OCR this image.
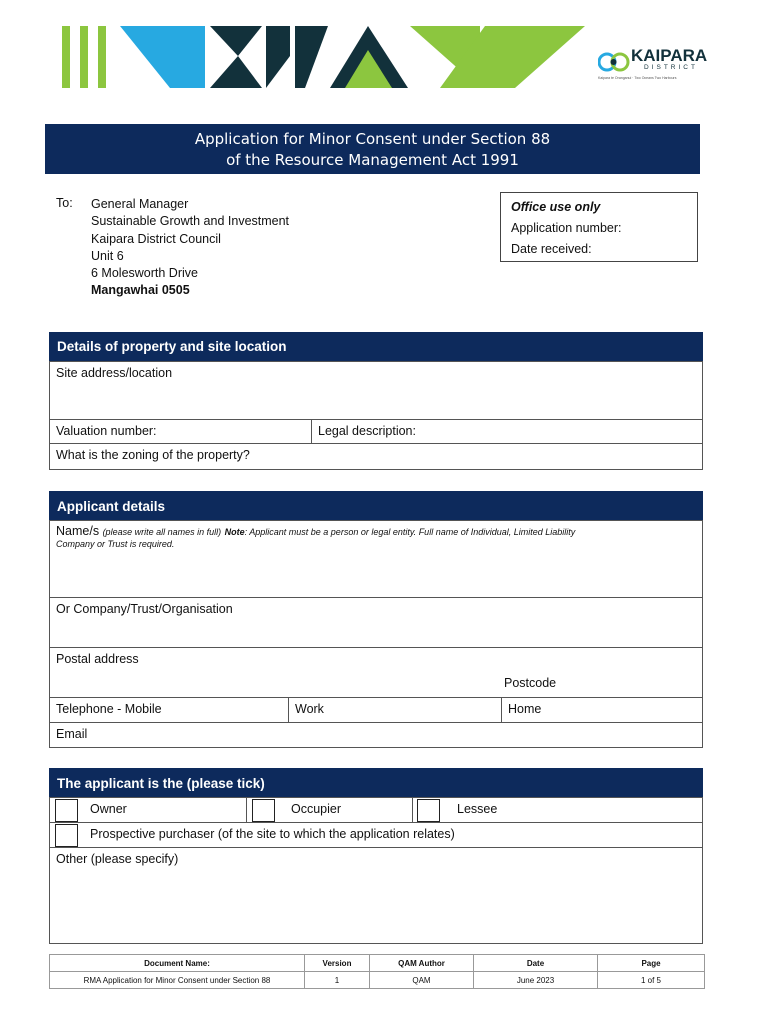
KAIPARA
DISTRICT
Kaipara te Oranganui · Two Oceans Two Harbours
Application for Minor Consent under Section 88
of the Resource Management Act 1991
To: General Manager
Sustainable Growth and Investment
Kaipara District Council
Unit 6
6 Molesworth Drive
Mangawhai 0505
Office use only
Application number:
Date received:
Details of property and site location
Site address/location
Valuation number:	Legal description:
What is the zoning of the property?
Applicant details
Name/s (please write all names in full) Note: Applicant must be a person or legal entity. Full name of Individual, Limited Liability
Company or Trust is required.
Or Company/Trust/Organisation
Postal address
Postcode
Telephone - Mobile	Work	Home
Email
The applicant is the (please tick)
Owner	Occupier	Lessee
Prospective purchaser (of the site to which the application relates)
Other (please specify)
Document Name:	Version	QAM Author	Date	Page
RMA Application for Minor Consent under Section 88	1	QAM	June 2023	1 of 5
